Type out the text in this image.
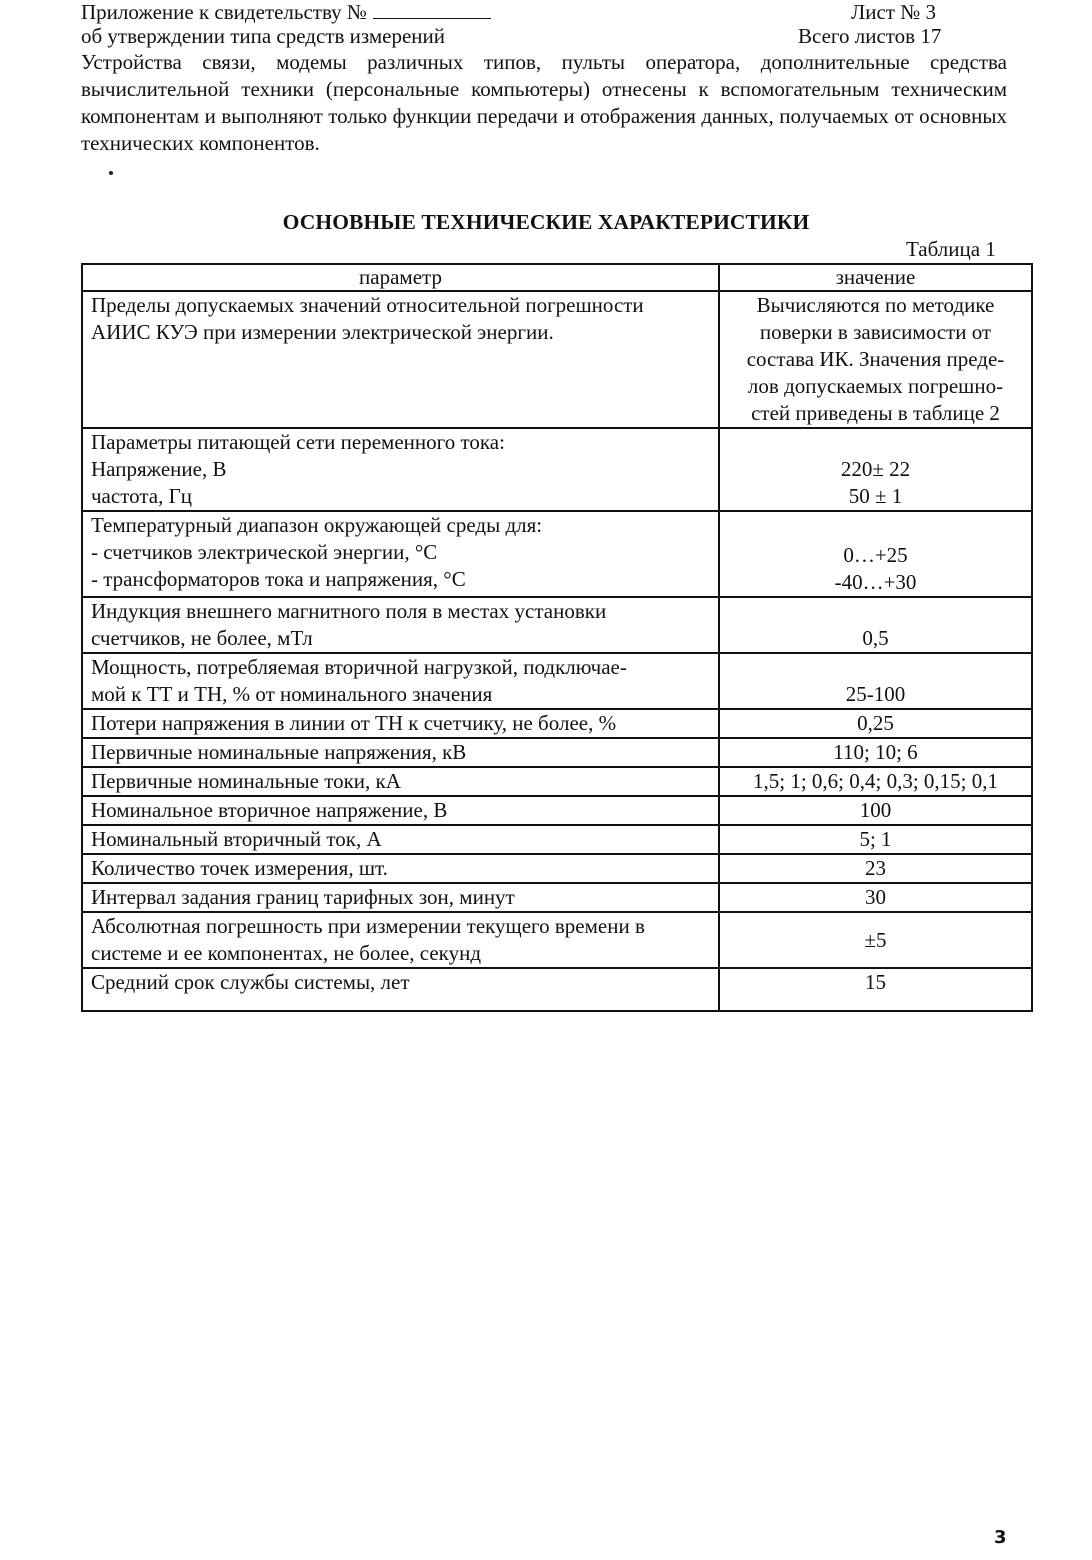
Приложение к свидетельству №
об утверждении типа средств измерений
Лист № 3
Всего листов 17

Устройства связи, модемы различных типов, пульты оператора, дополнительные средства вычислительной техники (персональные компьютеры) отнесены к вспомогательным техническим компонентам и выполняют только функции передачи и отображения данных, получаемых от основных технических компонентов.

ОСНОВНЫЕ ТЕХНИЧЕСКИЕ ХАРАКТЕРИСТИКИ
Таблица 1
параметр	значение

Пределы допускаемых значений относительной погрешности
АИИС КУЭ при измерении электрической энергии.	Вычисляются по методике
поверки в зависимости от
состава ИК. Значения преде-
лов допускаемых погрешно-
стей приведены в таблице 2

Параметры питающей сети переменного тока:
Напряжение, В
частота, Гц	220± 22
50 ± 1

Температурный диапазон окружающей среды для:
- счетчиков электрической энергии, °С
- трансформаторов тока и напряжения, °С	0…+25
-40…+30

Индукция внешнего магнитного поля в местах установки
счетчиков, не более, мТл	0,5

Мощность, потребляемая вторичной нагрузкой, подключае-
мой к ТТ и ТН, % от номинального значения	25-100

Потери напряжения в линии от ТН к счетчику, не более, %	0,25

Первичные номинальные напряжения, кВ	110; 10; 6

Первичные номинальные токи, кА	1,5; 1; 0,6; 0,4; 0,3; 0,15; 0,1

Номинальное вторичное напряжение, В	100

Номинальный вторичный ток, А	5; 1

Количество точек измерения, шт.	23

Интервал задания границ тарифных зон, минут	30

Абсолютная погрешность при измерении текущего времени в
системе и ее компонентах, не более, секунд	±5

Средний срок службы системы, лет	15
3
